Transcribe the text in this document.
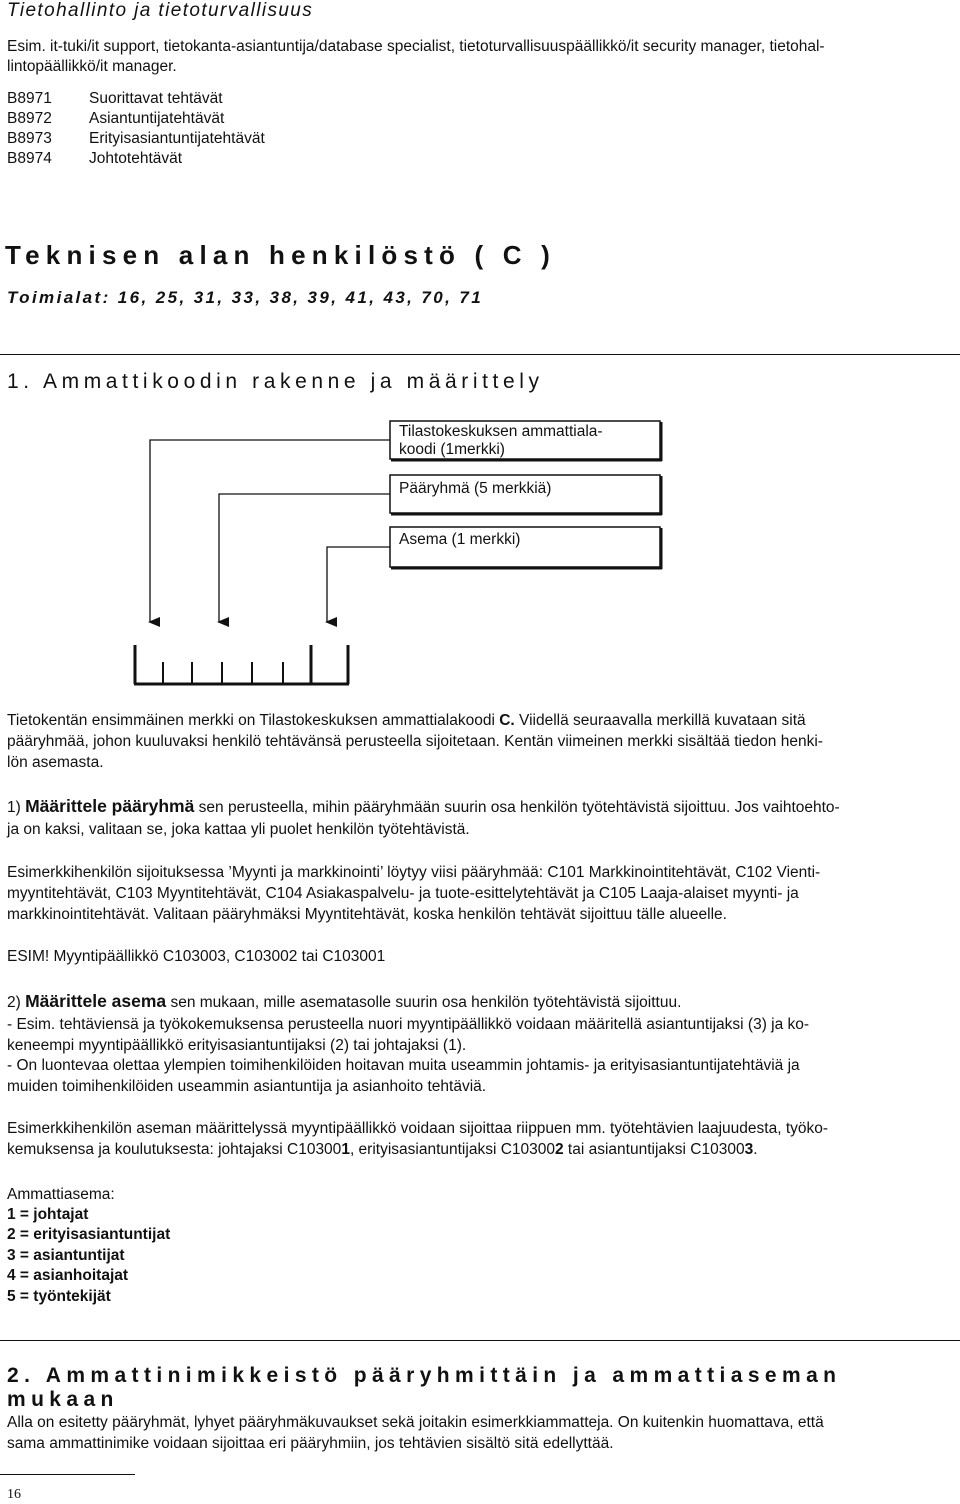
Tietohallinto ja tietoturvallisuus
Esim. it-tuki/it support, tietokanta-asiantuntija/database specialist, tietoturvallisuuspäällikkö/it security manager, tietohal-
lintopäällikkö/it manager.
B8971 Suorittavat tehtävät
B8972 Asiantuntijatehtävät
B8973 Erityisasiantuntijatehtävät
B8974 Johtotehtävät
Teknisen alan henkilöstö ( C )
Toimialat: 16, 25, 31, 33, 38, 39, 41, 43, 70, 71
1. Ammattikoodin rakenne ja määrittely
Tilastokeskuksen ammattiala-
koodi (1merkki)
Pääryhmä (5 merkkiä)
Asema (1 merkki)
Tietokentän ensimmäinen merkki on Tilastokeskuksen ammattialakoodi C. Viidellä seuraavalla merkillä kuvataan sitä
pääryhmää, johon kuuluvaksi henkilö tehtävänsä perusteella sijoitetaan. Kentän viimeinen merkki sisältää tiedon henki-
lön asemasta.
1) Määrittele pääryhmä sen perusteella, mihin pääryhmään suurin osa henkilön työtehtävistä sijoittuu. Jos vaihtoehto-
ja on kaksi, valitaan se, joka kattaa yli puolet henkilön työtehtävistä.
Esimerkkihenkilön sijoituksessa ’Myynti ja markkinointi’ löytyy viisi pääryhmää: C101 Markkinointitehtävät, C102 Vienti-
myyntitehtävät, C103 Myyntitehtävät, C104 Asiakaspalvelu- ja tuote-esittelytehtävät ja C105 Laaja-alaiset myynti- ja
markkinointitehtävät. Valitaan pääryhmäksi Myyntitehtävät, koska henkilön tehtävät sijoittuu tälle alueelle.
ESIM! Myyntipäällikkö C103003, C103002 tai C103001
2) Määrittele asema sen mukaan, mille asematasolle suurin osa henkilön työtehtävistä sijoittuu.
- Esim. tehtäviensä ja työkokemuksensa perusteella nuori myyntipäällikkö voidaan määritellä asiantuntijaksi (3) ja ko-
keneempi myyntipäällikkö erityisasiantuntijaksi (2) tai johtajaksi (1).
- On luontevaa olettaa ylempien toimihenkilöiden hoitavan muita useammin johtamis- ja erityisasiantuntijatehtäviä ja
muiden toimihenkilöiden useammin asiantuntija ja asianhoito tehtäviä.
Esimerkkihenkilön aseman määrittelyssä myyntipäällikkö voidaan sijoittaa riippuen mm. työtehtävien laajuudesta, työko-
kemuksensa ja koulutuksesta: johtajaksi C103001, erityisasiantuntijaksi C103002 tai asiantuntijaksi C103003.
Ammattiasema:
1 = johtajat
2 = erityisasiantuntijat
3 = asiantuntijat
4 = asianhoitajat
5 = työntekijät
2. Ammattinimikkeistö pääryhmittäin ja ammattiaseman mukaan
Alla on esitetty pääryhmät, lyhyet pääryhmäkuvaukset sekä joitakin esimerkkiammatteja. On kuitenkin huomattava, että
sama ammattinimike voidaan sijoittaa eri pääryhmiin, jos tehtävien sisältö sitä edellyttää.
16
